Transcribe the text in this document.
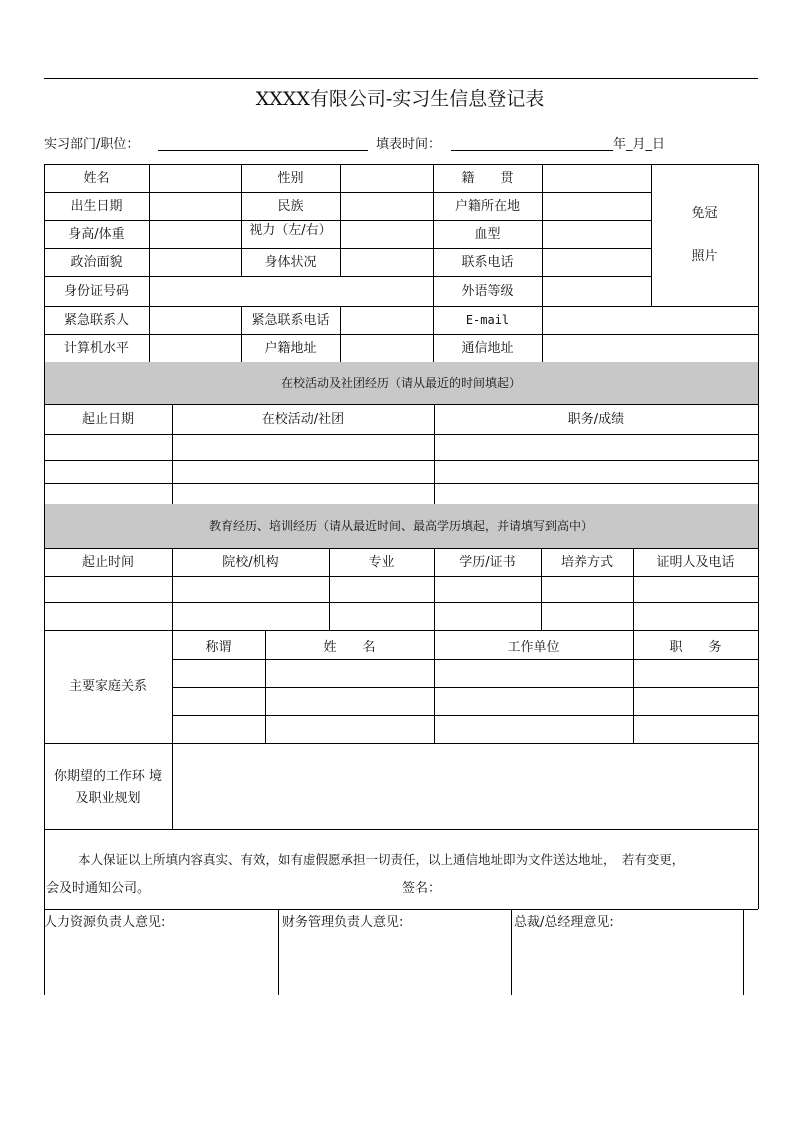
XXXX有限公司-实习生信息登记表
实习部门/职位：	填表时间：	年_月_日
姓名	性别	籍　　贯
出生日期	民族	户籍所在地
身高/体重	视力（左/右）	血型
政治面貌	身体状况	联系电话
身份证号码	外语等级
免冠
照片
紧急联系人	紧急联系电话	E-mail
计算机水平	户籍地址	通信地址
在校活动及社团经历（请从最近的时间填起）
起止日期	在校活动/社团	职务/成绩
教育经历、培训经历（请从最近时间、最高学历填起，并请填写到高中）
起止时间	院校/机构	专业	学历/证书	培养方式	证明人及电话
主要家庭关系
称谓	姓　　名	工作单位	职　　务
你期望的工作环 境
及职业规划
本人保证以上所填内容真实、有效，如有虚假愿承担一切责任，以上通信地址即为文件送达地址，　若有变更，
会及时通知公司。	签名：
人力资源负责人意见:	财务管理负责人意见:	总裁/总经理意见:
